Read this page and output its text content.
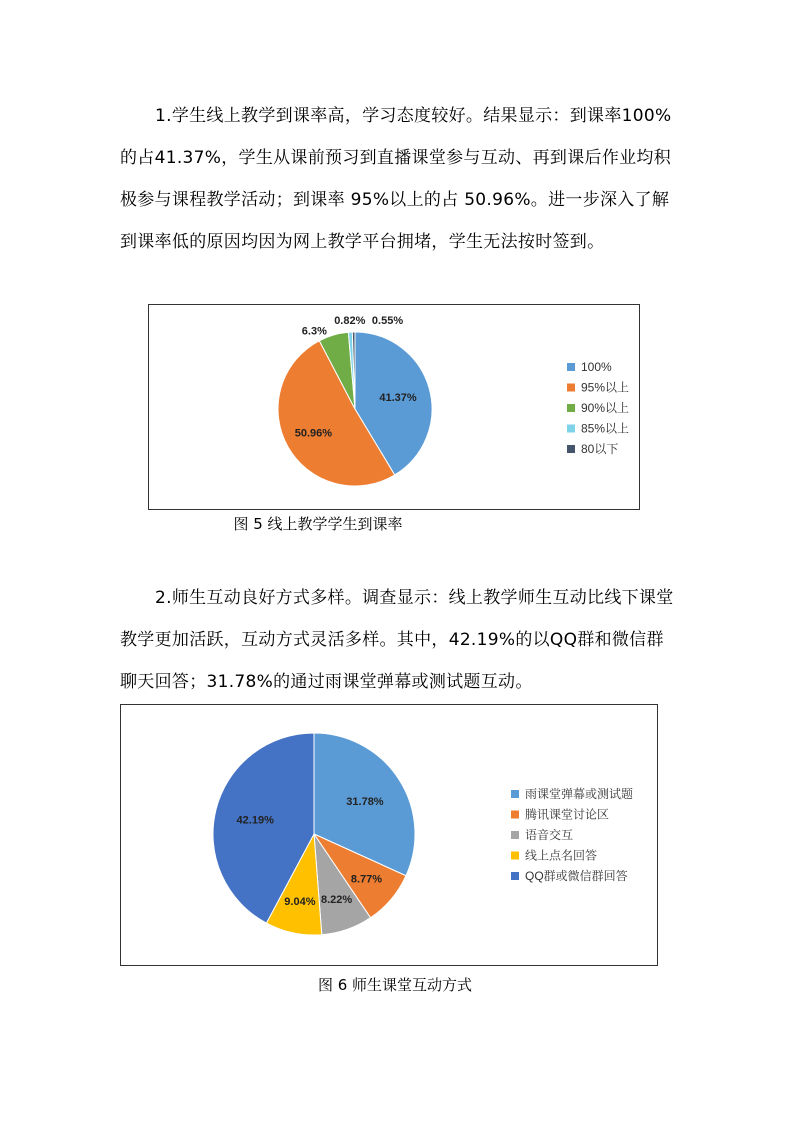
1.学生线上教学到课率高，学习态度较好。结果显示：到课率100% 的占41.37%，学生从课前预习到直播课堂参与互动、再到课后作业均积极参与课程教学活动；到课率 95%以上的占 50.96%。进一步深入了解到课率低的原因均因为网上教学平台拥堵，学生无法按时签到。
41.37%
50.96%
6.3%
0.82% 0.55%
100%
95%以上
90%以上
85%以上
80以下
图 5 线上教学学生到课率
2.师生互动良好方式多样。调查显示：线上教学师生互动比线下课堂教学更加活跃，互动方式灵活多样。其中，42.19%的以QQ群和微信群聊天回答；31.78%的通过雨课堂弹幕或测试题互动。
31.78%
8.77%
8.22%
9.04%
42.19%
雨课堂弹幕或测试题
腾讯课堂讨论区
语音交互
线上点名回答
QQ群或微信群回答
图 6 师生课堂互动方式
